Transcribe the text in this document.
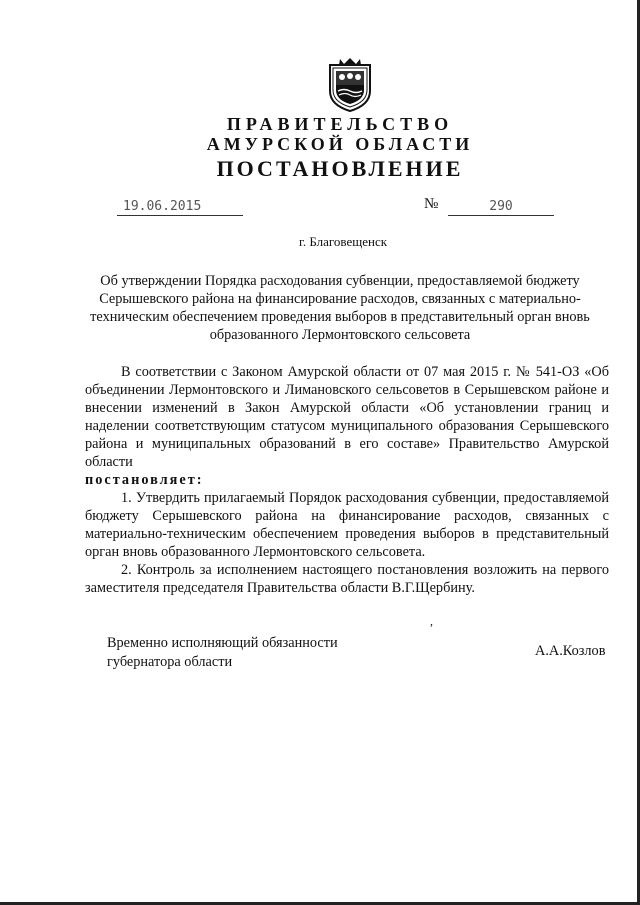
ПРАВИТЕЛЬСТВО
АМУРСКОЙ ОБЛАСТИ
ПОСТАНОВЛЕНИЕ
19.06.2015	№	290
г. Благовещенск
Об утверждении Порядка расходования субвенции, предоставляемой бюджету Серышевского района на финансирование расходов, связанных с материально-техническим обеспечением проведения выборов в представительный орган вновь образованного Лермонтовского сельсовета

В соответствии с Законом Амурской области от 07 мая 2015 г. № 541-ОЗ «Об объединении Лермонтовского и Лимановского сельсоветов в Серышевском районе и внесении изменений в Закон Амурской области «Об установлении границ и наделении соответствующим статусом муниципального образования Серышевского района и муниципальных образований в его составе» Правительство Амурской области

постановляет:

1. Утвердить прилагаемый Порядок расходования субвенции, предоставляемой бюджету Серышевского района на финансирование расходов, связанных с материально-техническим обеспечением проведения выборов в представительный орган вновь образованного Лермонтовского сельсовета.

2. Контроль за исполнением настоящего постановления возложить на первого заместителя председателя Правительства области В.Г.Щербину.

,
Временно исполняющий обязанности
губернатора области
А.А.Козлов
